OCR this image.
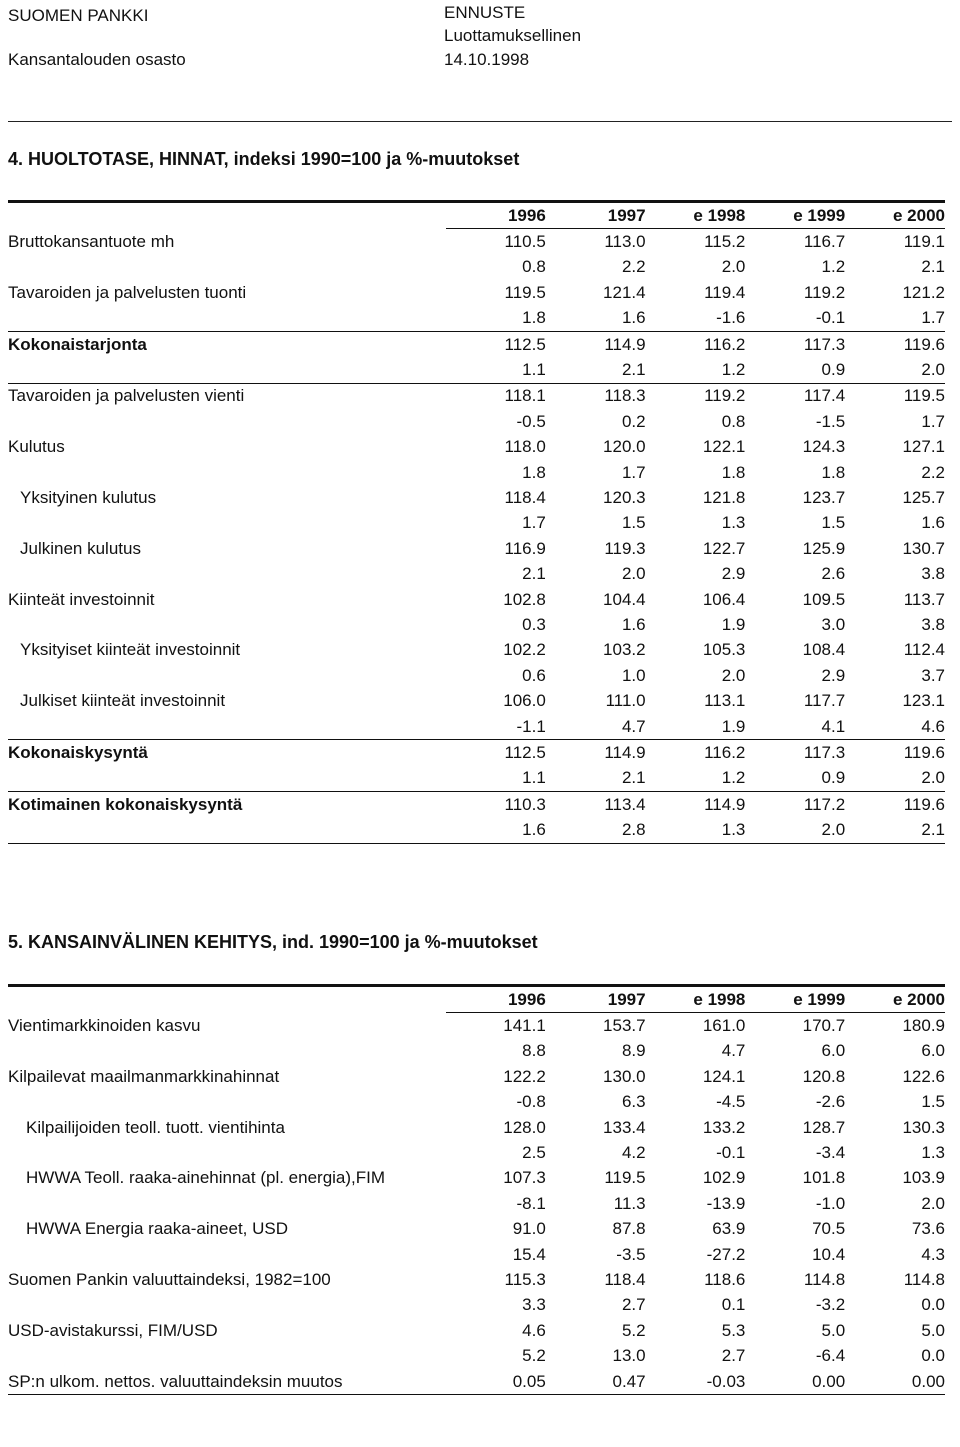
SUOMEN PANKKI
Kansantalouden osasto
ENNUSTE
Luottamuksellinen
14.10.1998
4. HUOLTOTASE, HINNAT, indeksi 1990=100 ja %-muutokset
	1996	1997	e 1998	e 1999	e 2000
Bruttokansantuote mh	110.5	113.0	115.2	116.7	119.1
	0.8	2.2	2.0	1.2	2.1
Tavaroiden ja palvelusten tuonti	119.5	121.4	119.4	119.2	121.2
	1.8	1.6	-1.6	-0.1	1.7
Kokonaistarjonta	112.5	114.9	116.2	117.3	119.6
	1.1	2.1	1.2	0.9	2.0
Tavaroiden ja palvelusten vienti	118.1	118.3	119.2	117.4	119.5
	-0.5	0.2	0.8	-1.5	1.7
Kulutus	118.0	120.0	122.1	124.3	127.1
	1.8	1.7	1.8	1.8	2.2
Yksityinen kulutus	118.4	120.3	121.8	123.7	125.7
	1.7	1.5	1.3	1.5	1.6
Julkinen kulutus	116.9	119.3	122.7	125.9	130.7
	2.1	2.0	2.9	2.6	3.8
Kiinteät investoinnit	102.8	104.4	106.4	109.5	113.7
	0.3	1.6	1.9	3.0	3.8
Yksityiset kiinteät investoinnit	102.2	103.2	105.3	108.4	112.4
	0.6	1.0	2.0	2.9	3.7
Julkiset kiinteät investoinnit	106.0	111.0	113.1	117.7	123.1
	-1.1	4.7	1.9	4.1	4.6
Kokonaiskysyntä	112.5	114.9	116.2	117.3	119.6
	1.1	2.1	1.2	0.9	2.0
Kotimainen kokonaiskysyntä	110.3	113.4	114.9	117.2	119.6
	1.6	2.8	1.3	2.0	2.1
5. KANSAINVÄLINEN KEHITYS, ind. 1990=100 ja %-muutokset
	1996	1997	e 1998	e 1999	e 2000
Vientimarkkinoiden kasvu	141.1	153.7	161.0	170.7	180.9
	8.8	8.9	4.7	6.0	6.0
Kilpailevat maailmanmarkkinahinnat	122.2	130.0	124.1	120.8	122.6
	-0.8	6.3	-4.5	-2.6	1.5
Kilpailijoiden teoll. tuott. vientihinta	128.0	133.4	133.2	128.7	130.3
	2.5	4.2	-0.1	-3.4	1.3
HWWA Teoll. raaka-ainehinnat (pl. energia),FIM	107.3	119.5	102.9	101.8	103.9
	-8.1	11.3	-13.9	-1.0	2.0
HWWA Energia raaka-aineet, USD	91.0	87.8	63.9	70.5	73.6
	15.4	-3.5	-27.2	10.4	4.3
Suomen Pankin valuuttaindeksi, 1982=100	115.3	118.4	118.6	114.8	114.8
	3.3	2.7	0.1	-3.2	0.0
USD-avistakurssi, FIM/USD	4.6	5.2	5.3	5.0	5.0
	5.2	13.0	2.7	-6.4	0.0
SP:n ulkom. nettos. valuuttaindeksin muutos	0.05	0.47	-0.03	0.00	0.00
